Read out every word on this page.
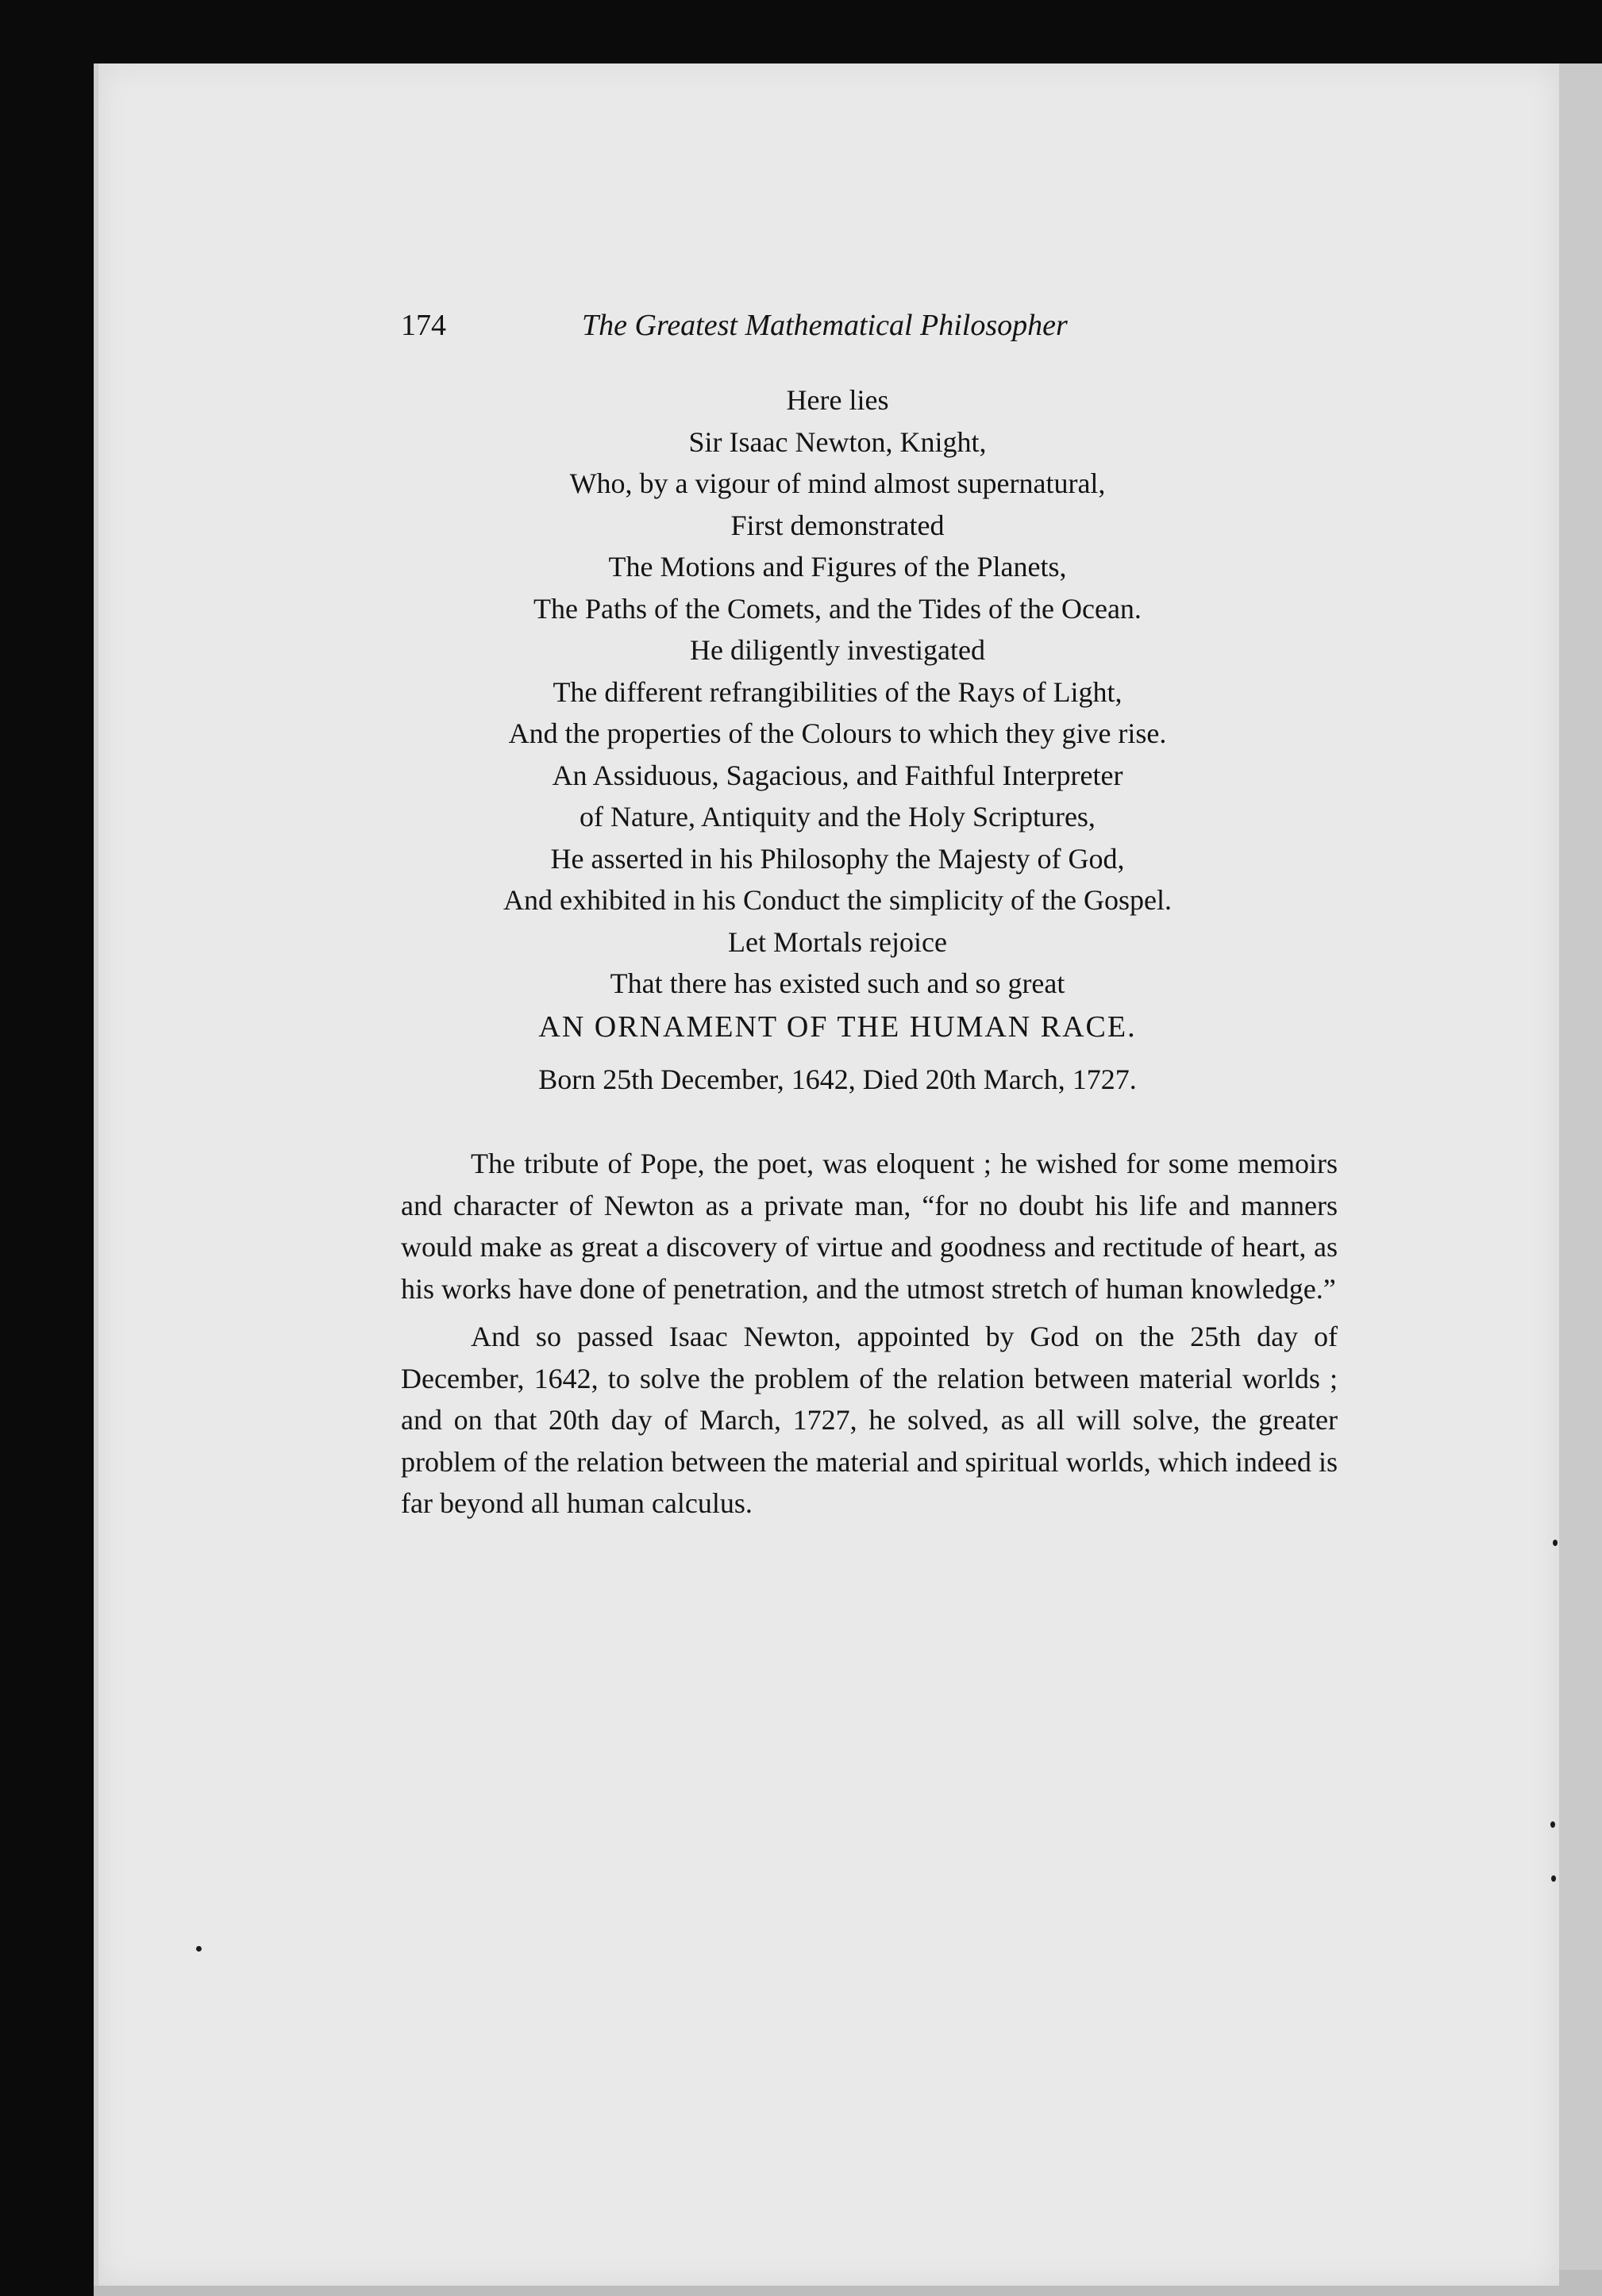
174	The Greatest Mathematical Philosopher
Here lies
Sir Isaac Newton, Knight,
Who, by a vigour of mind almost supernatural,
First demonstrated
The Motions and Figures of the Planets,
The Paths of the Comets, and the Tides of the Ocean.
He diligently investigated
The different refrangibilities of the Rays of Light,
And the properties of the Colours to which they give rise.
An Assiduous, Sagacious, and Faithful Interpreter
of Nature, Antiquity and the Holy Scriptures,
He asserted in his Philosophy the Majesty of God,
And exhibited in his Conduct the simplicity of the Gospel.
Let Mortals rejoice
That there has existed such and so great
AN ORNAMENT OF THE HUMAN RACE.
Born 25th December, 1642, Died 20th March, 1727.

The tribute of Pope, the poet, was eloquent ; he wished for some memoirs and character of Newton as a private man, “for no doubt his life and manners would make as great a discovery of virtue and goodness and rectitude of heart, as his works have done of penetration, and the utmost stretch of human knowledge.”

And so passed Isaac Newton, appointed by God on the 25th day of December, 1642, to solve the problem of the relation between material worlds ; and on that 20th day of March, 1727, he solved, as all will solve, the greater problem of the relation between the material and spiritual worlds, which indeed is far beyond all human calculus.
